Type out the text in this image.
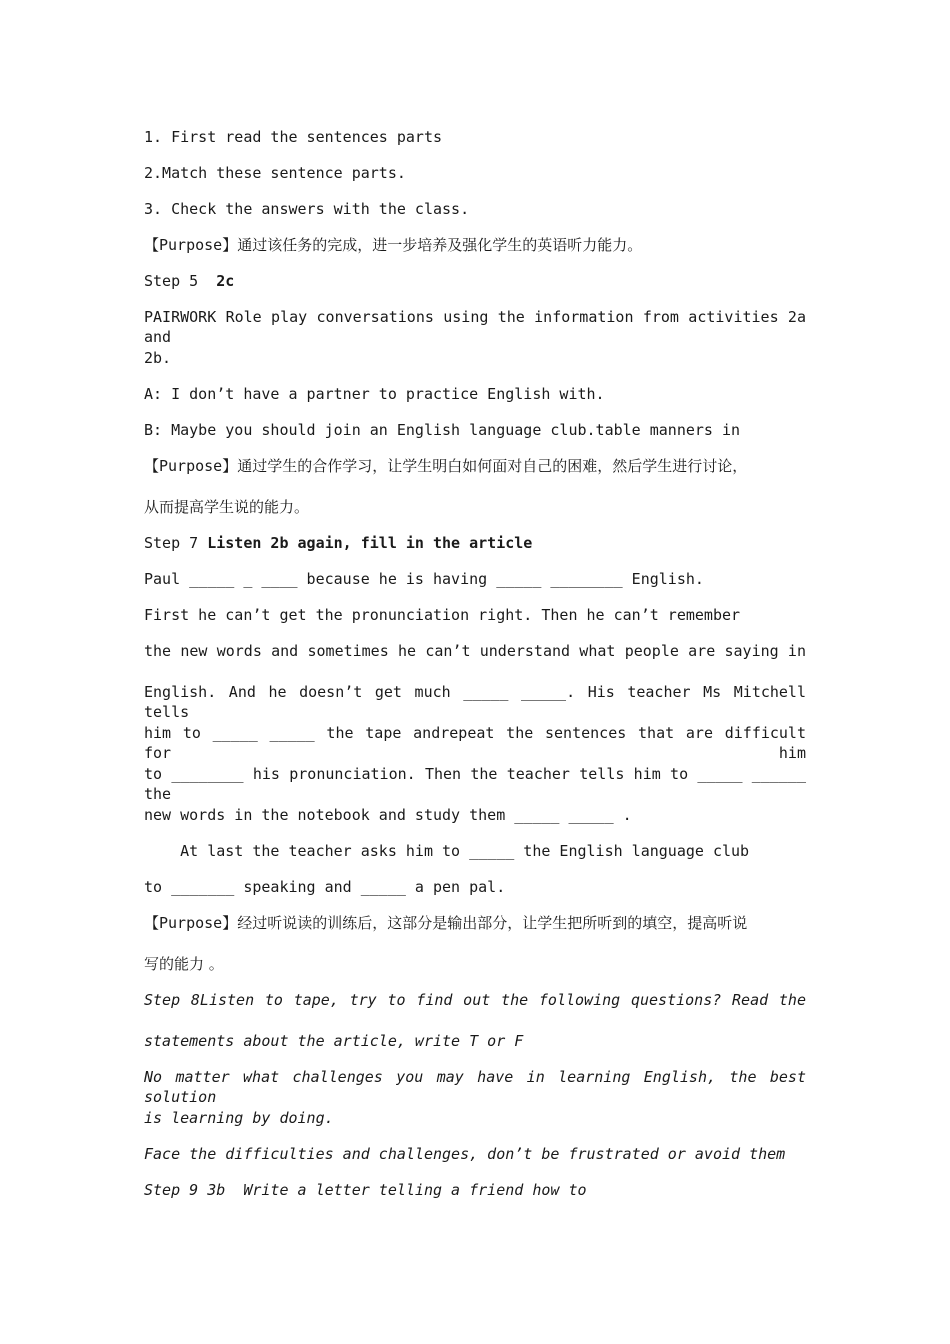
1. First read the sentences parts
2.Match these sentence parts.
3. Check the answers with the class.
【Purpose】通过该任务的完成，进一步培养及强化学生的英语听力能力。
Step 5  2c
PAIRWORK Role play conversations using the information from activities 2a and
2b.
A: I don’t have a partner to practice English with.
B: Maybe you should join an English language club.table manners in
【Purpose】通过学生的合作学习，让学生明白如何面对自己的困难，然后学生进行讨论，
从而提高学生说的能力。
Step 7 Listen 2b again, fill in the article
Paul _____ _ ____ because he is having _____ ________ English.
First he can’t get the pronunciation right. Then he can’t remember
the new words and sometimes he can’t understand what people are saying in
English. And he doesn’t get much _____ _____. His teacher Ms Mitchell tells
him to _____ _____ the tape andrepeat the sentences that are difficult for him
to ________ his pronunciation. Then the teacher tells him to _____ ______ the
new words in the notebook and study them _____ _____ .
At last the teacher asks him to _____ the English language club
to _______ speaking and _____ a pen pal.
【Purpose】经过听说读的训练后，这部分是输出部分，让学生把所听到的填空，提高听说
写的能力 。
Step 8Listen to tape, try to find out the following questions? Read the
statements about the article, write T or F
No matter what challenges you may have in learning English, the best solution
is learning by doing.
Face the difficulties and challenges, don’t be frustrated or avoid them
Step 9 3b  Write a letter telling a friend how to
